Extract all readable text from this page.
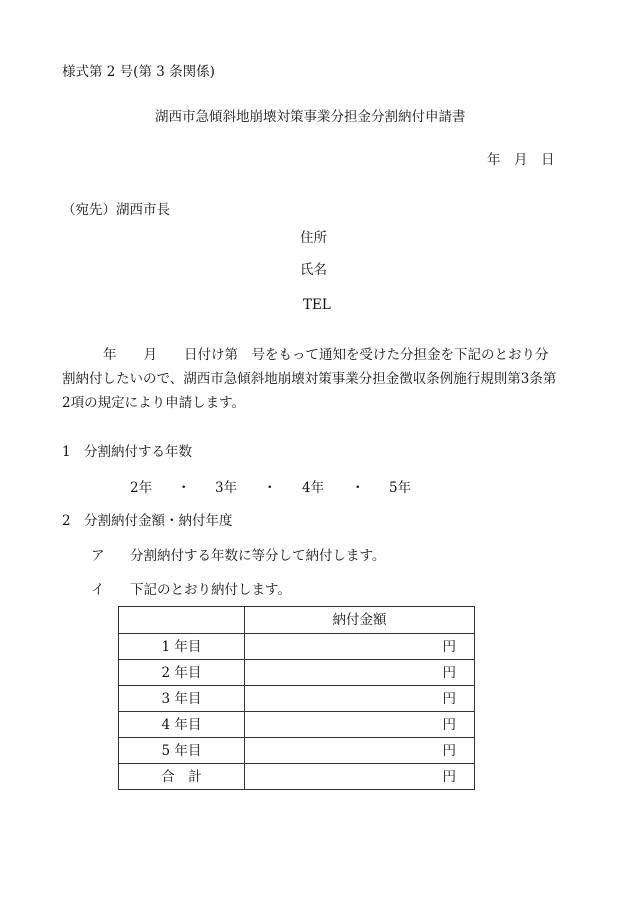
様式第 2 号(第 3 条関係)
湖西市急傾斜地崩壊対策事業分担金分割納付申請書
年 月 日
（宛先）湖西市長
住所
氏名
TEL
年　　月　　日付け第　号をもって通知を受けた分担金を下記のとおり分
割納付したいので、湖西市急傾斜地崩壊対策事業分担金徴収条例施行規則第3条第
2項の規定により申請します。
1 分割納付する年数
2年 ・ 3年 ・ 4年 ・ 5年
2 分割納付金額・納付年度
ア 分割納付する年数に等分して納付します。
イ 下記のとおり納付します。
	納付金額
1 年目	円
2 年目	円
3 年目	円
4 年目	円
5 年目	円
合　計	円
